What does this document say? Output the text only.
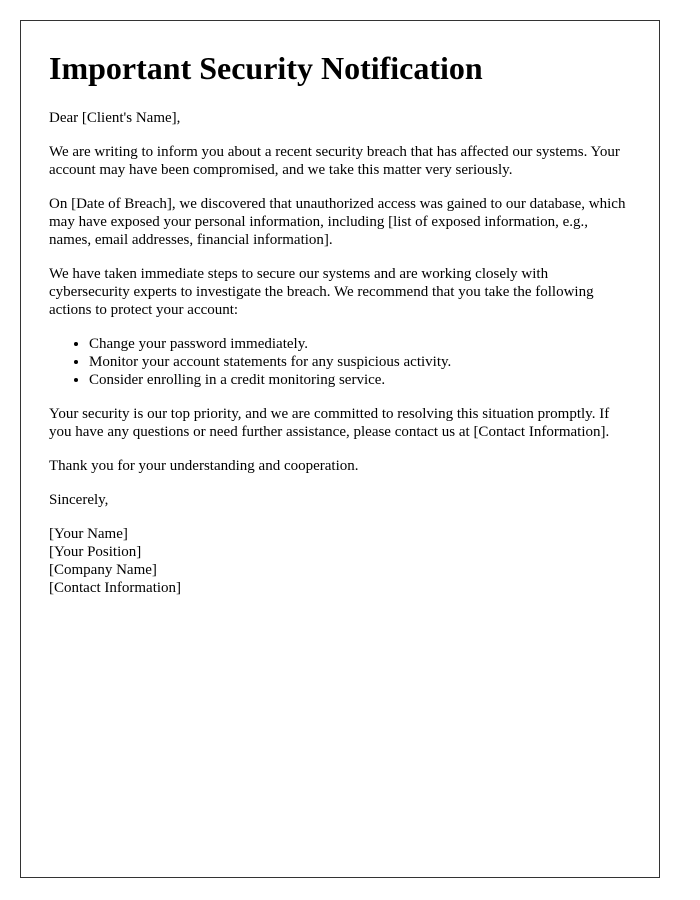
Important Security Notification

Dear [Client's Name],

We are writing to inform you about a recent security breach that has affected our systems. Your account may have been compromised, and we take this matter very seriously.

On [Date of Breach], we discovered that unauthorized access was gained to our database, which may have exposed your personal information, including [list of exposed information, e.g., names, email addresses, financial information].

We have taken immediate steps to secure our systems and are working closely with cybersecurity experts to investigate the breach. We recommend that you take the following actions to protect your account:

• Change your password immediately.
• Monitor your account statements for any suspicious activity.
• Consider enrolling in a credit monitoring service.

Your security is our top priority, and we are committed to resolving this situation promptly. If you have any questions or need further assistance, please contact us at [Contact Information].

Thank you for your understanding and cooperation.

Sincerely,

[Your Name]
[Your Position]
[Company Name]
[Contact Information]
